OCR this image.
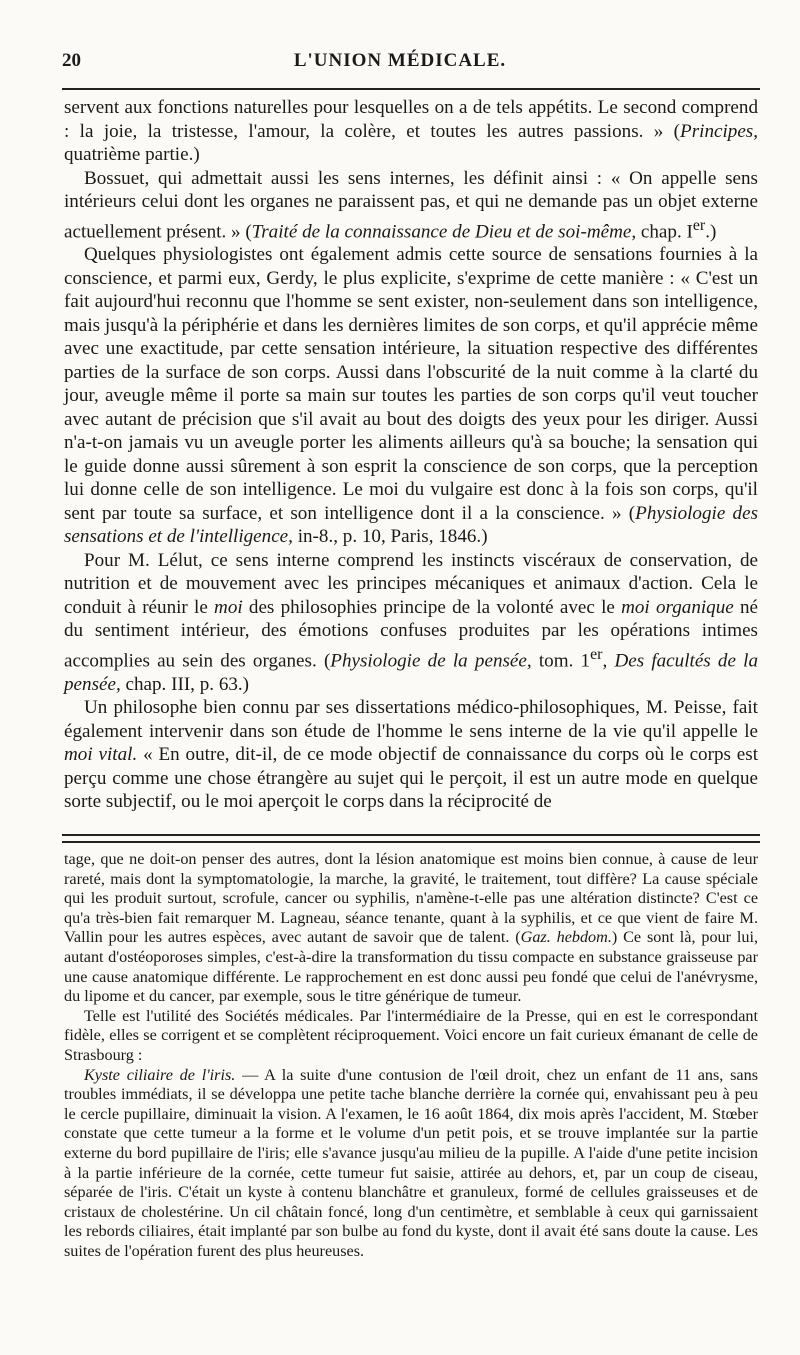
20	L'UNION MÉDICALE.

servent aux fonctions naturelles pour lesquelles on a de tels appétits. Le second comprend : la joie, la tristesse, l'amour, la colère, et toutes les autres passions. » (Principes, quatrième partie.)

Bossuet, qui admettait aussi les sens internes, les définit ainsi : « On appelle sens intérieurs celui dont les organes ne paraissent pas, et qui ne demande pas un objet externe actuellement présent. » (Traité de la connaissance de Dieu et de soi-même, chap. Ier.)

Quelques physiologistes ont également admis cette source de sensations fournies à la conscience, et parmi eux, Gerdy, le plus explicite, s'exprime de cette manière : « C'est un fait aujourd'hui reconnu que l'homme se sent exister, non-seulement dans son intelligence, mais jusqu'à la périphérie et dans les dernières limites de son corps, et qu'il apprécie même avec une exactitude, par cette sensation intérieure, la situation respective des différentes parties de la surface de son corps. Aussi dans l'obscurité de la nuit comme à la clarté du jour, aveugle même il porte sa main sur toutes les parties de son corps qu'il veut toucher avec autant de précision que s'il avait au bout des doigts des yeux pour les diriger. Aussi n'a-t-on jamais vu un aveugle porter les aliments ailleurs qu'à sa bouche; la sensation qui le guide donne aussi sûrement à son esprit la conscience de son corps, que la perception lui donne celle de son intelligence. Le moi du vulgaire est donc à la fois son corps, qu'il sent par toute sa surface, et son intelligence dont il a la conscience. » (Physiologie des sensations et de l'intelligence, in-8., p. 10, Paris, 1846.)

Pour M. Lélut, ce sens interne comprend les instincts viscéraux de conservation, de nutrition et de mouvement avec les principes mécaniques et animaux d'action. Cela le conduit à réunir le moi des philosophies principe de la volonté avec le moi organique né du sentiment intérieur, des émotions confuses produites par les opérations intimes accomplies au sein des organes. (Physiologie de la pensée, tom. 1er, Des facultés de la pensée, chap. III, p. 63.)

Un philosophe bien connu par ses dissertations médico-philosophiques, M. Peisse, fait également intervenir dans son étude de l'homme le sens interne de la vie qu'il appelle le moi vital. « En outre, dit-il, de ce mode objectif de connaissance du corps où le corps est perçu comme une chose étrangère au sujet qui le perçoit, il est un autre mode en quelque sorte subjectif, ou le moi aperçoit le corps dans la réciprocité de

tage, que ne doit-on penser des autres, dont la lésion anatomique est moins bien connue, à cause de leur rareté, mais dont la symptomatologie, la marche, la gravité, le traitement, tout diffère? La cause spéciale qui les produit surtout, scrofule, cancer ou syphilis, n'amène-t-elle pas une altération distincte? C'est ce qu'a très-bien fait remarquer M. Lagneau, séance tenante, quant à la syphilis, et ce que vient de faire M. Vallin pour les autres espèces, avec autant de savoir que de talent. (Gaz. hebdom.) Ce sont là, pour lui, autant d'ostéoporoses simples, c'est-à-dire la transformation du tissu compacte en substance graisseuse par une cause anatomique différente. Le rapprochement en est donc aussi peu fondé que celui de l'anévrysme, du lipome et du cancer, par exemple, sous le titre générique de tumeur.

Telle est l'utilité des Sociétés médicales. Par l'intermédiaire de la Presse, qui en est le correspondant fidèle, elles se corrigent et se complètent réciproquement. Voici encore un fait curieux émanant de celle de Strasbourg :

Kyste ciliaire de l'iris. — A la suite d'une contusion de l'œil droit, chez un enfant de 11 ans, sans troubles immédiats, il se développa une petite tache blanche derrière la cornée qui, envahissant peu à peu le cercle pupillaire, diminuait la vision. A l'examen, le 16 août 1864, dix mois après l'accident, M. Stœber constate que cette tumeur a la forme et le volume d'un petit pois, et se trouve implantée sur la partie externe du bord pupillaire de l'iris; elle s'avance jusqu'au milieu de la pupille. A l'aide d'une petite incision à la partie inférieure de la cornée, cette tumeur fut saisie, attirée au dehors, et, par un coup de ciseau, séparée de l'iris. C'était un kyste à contenu blanchâtre et granuleux, formé de cellules graisseuses et de cristaux de cholestérine. Un cil châtain foncé, long d'un centimètre, et semblable à ceux qui garnissaient les rebords ciliaires, était implanté par son bulbe au fond du kyste, dont il avait été sans doute la cause. Les suites de l'opération furent des plus heureuses.
